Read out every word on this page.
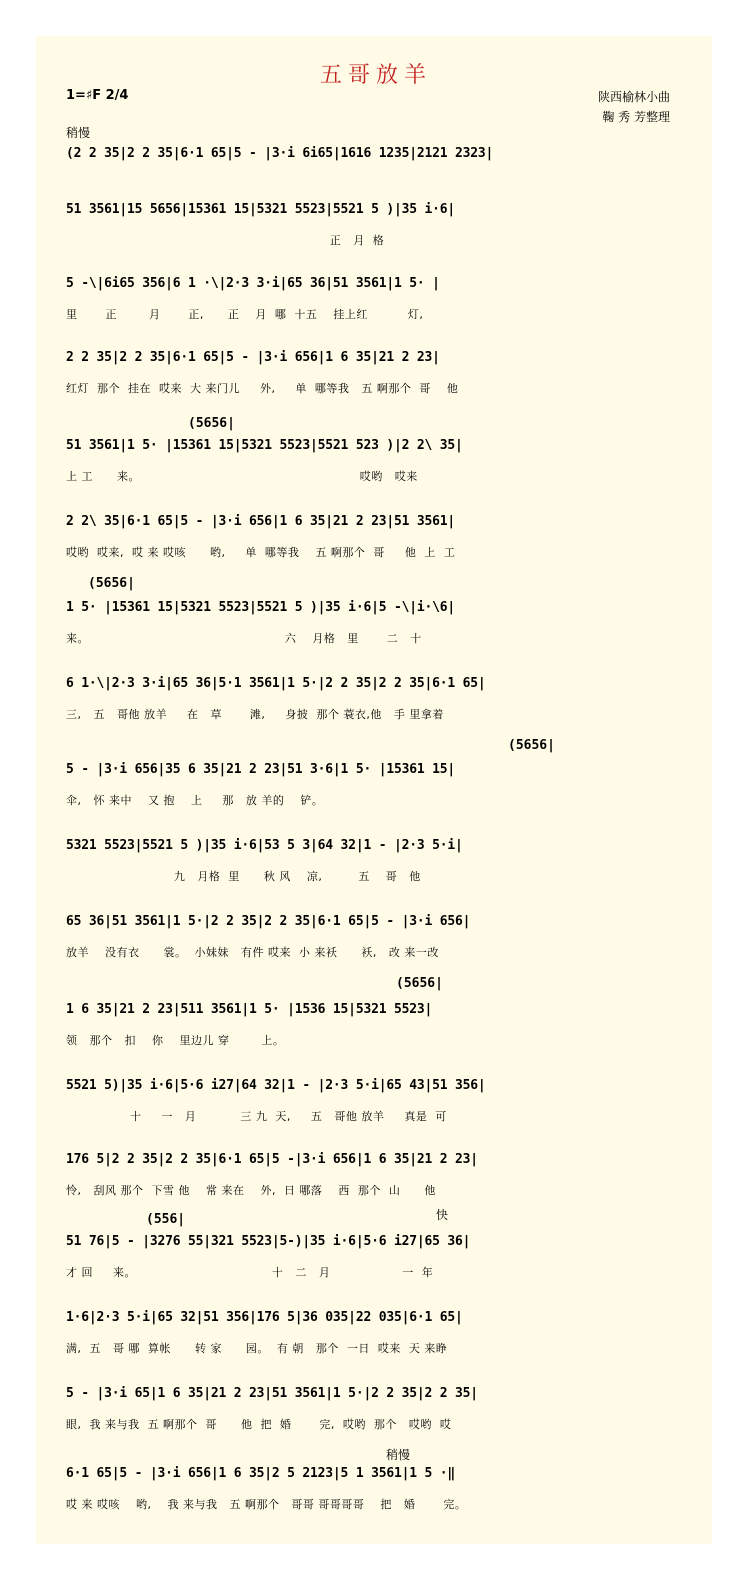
五哥放羊
1=♯F 2/4	陕西榆林小曲
鞠 秀 芳整理
稍慢
快
稍慢
(5656|
(5656|
(5656|
(5656|
(556|
(2 2 35|2 2 35|6·1 65|5 - |3·i 6i65|1616 1235|2121 2323|
51 3561|15 5656|15361 15|5321 5523|5521 5 )|35 i·6|
正   月  格
5 -\|6i65 356|6 1 ·\|2·3 3·i|65 36|51 3561|1 5· |
里       正        月       正,      正    月  哪  十五    挂上红          灯,
2 2 35|2 2 35|6·1 65|5 - |3·i 656|1 6 35|21 2 23|
红灯  那个  挂在  哎来  大 来门儿     外,     单  哪等我   五 啊那个  哥    他
51 3561|1 5· |15361 15|5321 5523|5521 523 )|2 2\ 35|
上 工      来。                                                       哎哟   哎来
2 2\ 35|6·1 65|5 - |3·i 656|1 6 35|21 2 23|51 3561|
哎哟  哎来,  哎 来 哎咳      哟,     单  哪等我    五 啊那个  哥     他  上  工
1 5· |15361 15|5321 5523|5521 5 )|35 i·6|5 -\|i·\6|
来。                                                 六    月格   里       二   十
6 1·\|2·3 3·i|65 36|5·1 3561|1 5·|2 2 35|2 2 35|6·1 65|
三,   五   哥他 放羊     在   草       滩,     身披  那个 蓑衣,他   手 里拿着
5 - |3·i 656|35 6 35|21 2 23|51 3·6|1 5· |15361 15|
伞,   怀 来中    又 抱    上     那   放 羊的    铲。
5321 5523|5521 5 )|35 i·6|53 5 3|64 32|1 - |2·3 5·i|
九   月格  里      秋 风    凉,         五    哥   他
65 36|51 3561|1 5·|2 2 35|2 2 35|6·1 65|5 - |3·i 656|
放羊    没有衣      裳。  小妹妹   有件 哎来  小 来袄      袄,   改 来一改
1 6 35|21 2 23|511 3561|1 5· |1536 15|5321 5523|
领   那个   扣    你    里边儿 穿        上。
5521 5)|35 i·6|5·6 i27|64 32|1 - |2·3 5·i|65 43|51 356|
十     一   月           三 九  天,     五   哥他 放羊     真是  可
176 5|2 2 35|2 2 35|6·1 65|5 -|3·i 656|1 6 35|21 2 23|
怜,   刮风 那个  下雪 他    常 来在    外,  日 哪落    西  那个  山      他
51 76|5 - |3276 55|321 5523|5-)|35 i·6|5·6 i27|65 36|
才 回     来。                                  十   二   月                  一  年
1·6|2·3 5·i|65 32|51 356|176 5|36 035|22 035|6·1 65|
满,  五   哥 哪  算帐      转 家      园。  有 朝   那个  一日  哎来  天 来睁
5 - |3·i 65|1 6 35|21 2 23|51 3561|1 5·|2 2 35|2 2 35|
眼,  我 来与我  五 啊那个  哥      他  把  婚       完,  哎哟  那个   哎哟  哎
6·1 65|5 - |3·i 656|1 6 35|2 5 2123|5 1 3561|1 5 ·‖
哎 来 哎咳    哟,    我 来与我   五 啊那个   哥哥 哥哥哥哥    把   婚       完。
